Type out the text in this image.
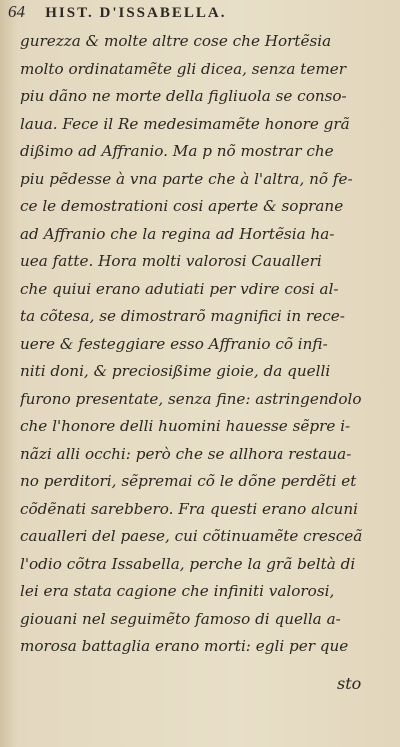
64 HIST. D'ISSABELLA.
gurezza & molte altre cose che Hortẽsia
molto ordinatamẽte gli dicea, senza temer
piu dãno ne morte della figliuola se conso-
laua. Fece il Re medesimamẽte honore grã
dißimo ad Affranio. Ma p nõ mostrar che
piu pẽdesse à vna parte che à l'altra, nõ fe-
ce le demostrationi cosi aperte & soprane
ad Affranio che la regina ad Hortẽsia ha-
uea fatte. Hora molti valorosi Caualleri
che quiui erano adutiati per vdire cosi al-
ta cõtesa, se dimostrarõ magnifici in rece-
uere & festeggiare esso Affranio cõ infi-
niti doni, & preciosißime gioie, da quelli
furono presentate, senza fine: astringendolo
che l'honore delli huomini hauesse sẽpre i-
nãzi alli occhi: però che se allhora restaua-
no perditori, sẽpremai cõ le dõne perdẽti et
cõdẽnati sarebbero. Fra questi erano alcuni
caualleri del paese, cui cõtinuamẽte cresceã
l'odio cõtra Issabella, perche la grã beltà di
lei era stata cagione che infiniti valorosi,
giouani nel seguimẽto famoso di quella a-
morosa battaglia erano morti: egli per que
sto
